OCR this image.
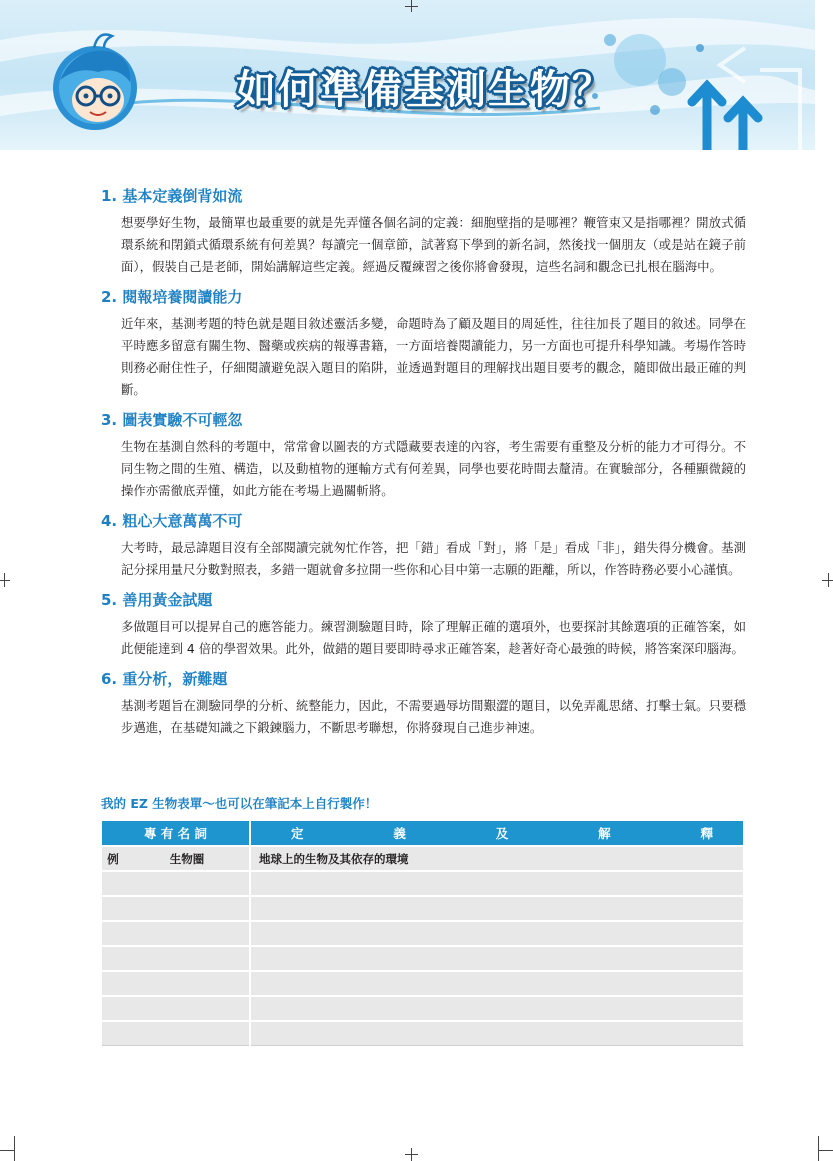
如何準備基測生物？
1. 基本定義倒背如流

想要學好生物，最簡單也最重要的就是先弄懂各個名詞的定義：細胞壁指的是哪裡？鞭管束又是指哪裡？開放式循環系統和閉鎖式循環系統有何差異？每讀完一個章節，試著寫下學到的新名詞，然後找一個朋友（或是站在鏡子前面），假裝自己是老師，開始講解這些定義。經過反覆練習之後你將會發現，這些名詞和觀念已扎根在腦海中。

2. 閱報培養閱讀能力

近年來，基測考題的特色就是題目敘述靈活多變，命題時為了顧及題目的周延性，往往加長了題目的敘述。同學在平時應多留意有關生物、醫藥或疾病的報導書籍，一方面培養閱讀能力，另一方面也可提升科學知識。考場作答時則務必耐住性子，仔細閱讀避免誤入題目的陷阱，並透過對題目的理解找出題目要考的觀念，隨即做出最正確的判斷。

3. 圖表實驗不可輕忽

生物在基測自然科的考題中，常常會以圖表的方式隱藏要表達的內容，考生需要有重整及分析的能力才可得分。不同生物之間的生殖、構造，以及動植物的運輸方式有何差異，同學也要花時間去釐清。在實驗部分，各種顯微鏡的操作亦需徹底弄懂，如此方能在考場上過關斬將。

4. 粗心大意萬萬不可

大考時，最忌諱題目沒有全部閱讀完就匆忙作答，把「錯」看成「對」，將「是」看成「非」，錯失得分機會。基測記分採用量尺分數對照表，多錯一題就會多拉開一些你和心目中第一志願的距離，所以，作答時務必要小心謹慎。

5. 善用黃金試題

多做題目可以提昇自己的應答能力。練習測驗題目時，除了理解正確的選項外，也要探討其餘選項的正確答案，如此便能達到 4 倍的學習效果。此外，做錯的題目要即時尋求正確答案，趁著好奇心最強的時候，將答案深印腦海。

6. 重分析，新難題

基測考題旨在測驗同學的分析、統整能力，因此，不需要過辱坊間艱澀的題目，以免弄亂思緒、打擊士氣。只要穩步邁進，在基礎知識之下鍛鍊腦力，不斷思考聯想，你將發現自己進步神速。

我的 EZ 生物表單～也可以在筆記本上自行製作！
專 有 名 詞	定 義 及 解 釋

例 生物圈	地球上的生物及其依存的環境
